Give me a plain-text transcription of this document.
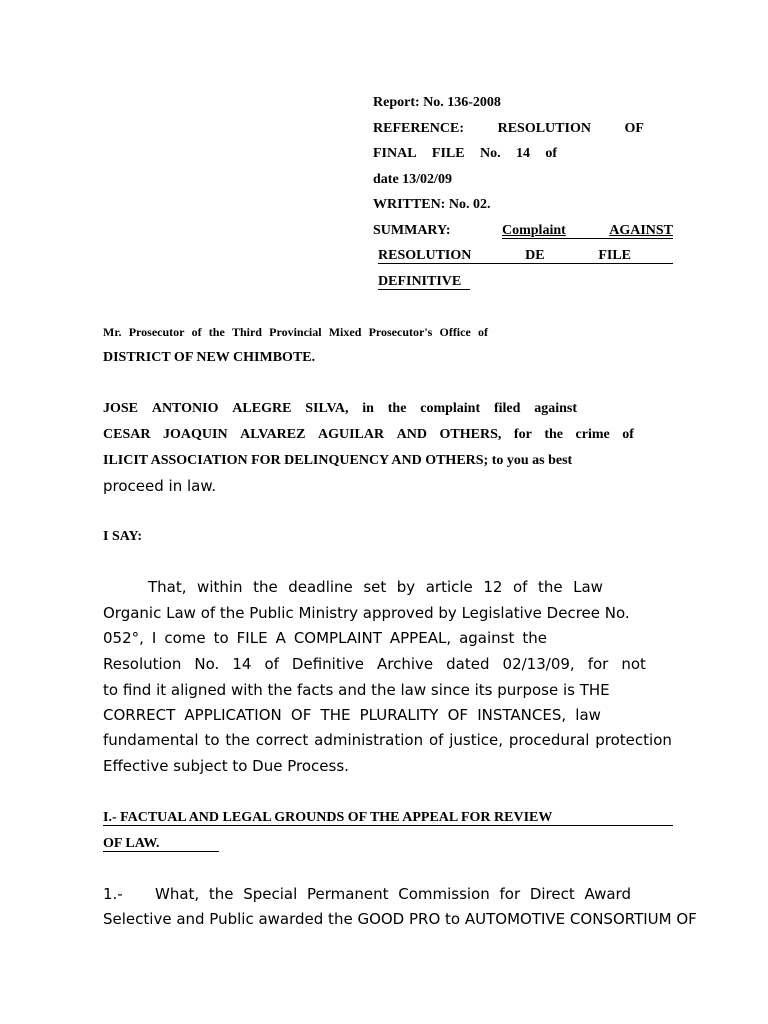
Report: No. 136-2008
REFERENCE: RESOLUTION OF
FINAL FILE No. 14 of
date 13/02/09
WRITTEN: No. 02.
SUMMARY:	Complaint	AGAINST
RESOLUTION	DE	FILE
DEFINITIVE
Mr. Prosecutor of the Third Provincial Mixed Prosecutor's Office of
DISTRICT OF NEW CHIMBOTE.
JOSE ANTONIO ALEGRE SILVA, in the complaint filed against
CESAR JOAQUIN ALVAREZ AGUILAR AND OTHERS, for the crime of
ILICIT ASSOCIATION FOR DELINQUENCY AND OTHERS; to you as best
proceed in law.
I SAY:
That, within the deadline set by article 12 of the Law
Organic Law of the Public Ministry approved by Legislative Decree No.
052°, I come to FILE A COMPLAINT APPEAL, against the
Resolution No. 14 of Definitive Archive dated 02/13/09, for not
to find it aligned with the facts and the law since its purpose is THE
CORRECT APPLICATION OF THE PLURALITY OF INSTANCES, law
fundamental to the correct administration of justice, procedural protection
Effective subject to Due Process.
I.- FACTUAL AND LEGAL GROUNDS OF THE APPEAL FOR REVIEW
OF LAW.
1.- What, the Special Permanent Commission for Direct Award
Selective and Public awarded the GOOD PRO to AUTOMOTIVE CONSORTIUM OF
